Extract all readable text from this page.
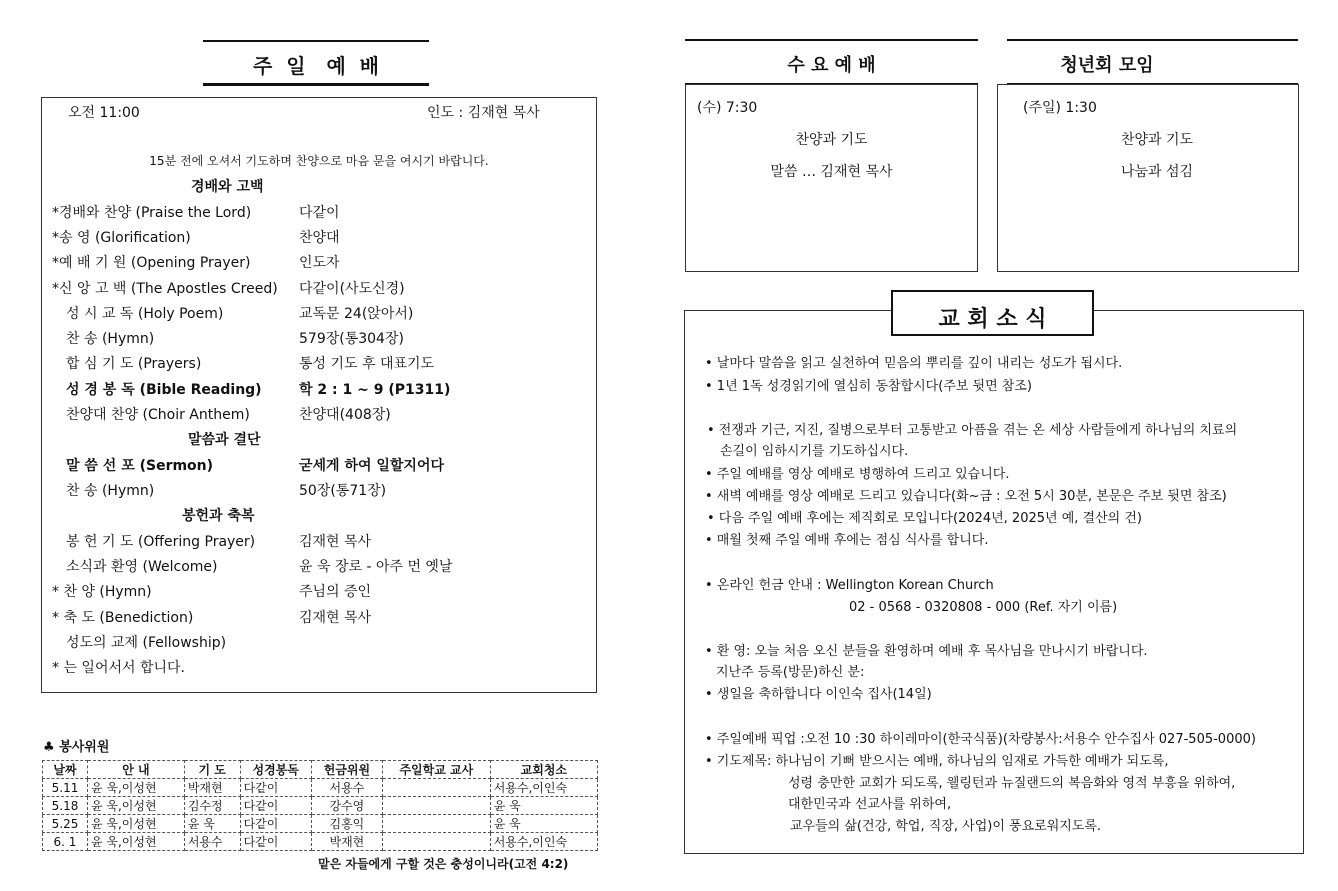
주  일   예  배
오전 11:00	인도 : 김재현 목사
15분 전에 오셔서 기도하며 찬양으로 마음 문을 여시기 바랍니다.
경배와 고백
*경배와 찬양 (Praise the Lord)	다같이
*송 영 (Glorification)	찬양대
*예 배 기 원 (Opening Prayer)	인도자
*신 앙 고 백 (The Apostles Creed) 다같이(사도신경)
성 시 교 독 (Holy Poem)	교독문 24(앉아서)
찬 송 (Hymn)	579장(통304장)
합 심 기 도 (Prayers)	통성 기도 후 대표기도
성 경 봉 독 (Bible Reading)	학 2 : 1 ~ 9 (P1311)
찬양대 찬양 (Choir Anthem)	찬양대(408장)
말 씀 선 포 (Sermon)	굳세게 하여 일할지어다
찬 송 (Hymn)	50장(통71장)
봉 헌 기 도 (Offering Prayer)	김재현 목사
소식과 환영 (Welcome)	윤 욱 장로 - 아주 먼 옛날
* 찬 양 (Hymn)	주님의 증인
* 축 도 (Benediction)	김재현 목사
성도의 교제 (Fellowship)
말씀과 결단
봉헌과 축복
* 는 일어서서 합니다.
♣ 봉사위원
날짜	안 내	기 도	성경봉독	헌금위원	주일학교 교사	교회청소
5.11	윤 욱,이성현	박재현	다같이	서용수		서용수,이인숙
5.18	윤 욱,이성현	김수정	다같이	강수영		윤 욱
5.25	윤 욱,이성현	윤 욱	다같이	김홍익		윤 욱
6. 1	윤 욱,이성현	서용수	다같이	박재현		서용수,이인숙
맡은 자들에게 구할 것은 충성이니라(고전 4:2)
수 요 예 배
(수) 7:30
찬양과 기도
말씀 … 김재현 목사
청년회 모임
(주일) 1:30
찬양과 기도
나눔과 섬김
교 회 소 식
• 날마다 말씀을 읽고 실천하여 믿음의 뿌리를 깊이 내리는 성도가 됩시다.
• 1년 1독 성경읽기에 열심히 동참합시다(주보 뒷면 참조)
• 전쟁과 기근, 지진, 질병으로부터 고통받고 아픔을 겪는 온 세상 사람들에게 하나님의 치료의
손길이 임하시기를 기도하십시다.
• 주일 예배를 영상 예배로 병행하여 드리고 있습니다.
• 새벽 예배를 영상 예배로 드리고 있습니다(화~금 : 오전 5시 30분, 본문은 주보 뒷면 참조)
• 다음 주일 예배 후에는 제직회로 모입니다(2024년, 2025년 예, 결산의 건)
• 매월 첫째 주일 예배 후에는 점심 식사를 합니다.
• 온라인 헌금 안내 : Wellington Korean Church
02 - 0568 - 0320808 - 000 (Ref. 자기 이름)
• 환 영: 오늘 처음 오신 분들을 환영하며 예배 후 목사님을 만나시기 바랍니다.
지난주 등록(방문)하신 분:
• 생일을 축하합니다 이인숙 집사(14일)
• 주일예배 픽업 :오전 10 :30 하이레마이(한국식품)(차량봉사:서용수 안수집사 027-505-0000)
• 기도제목: 하나님이 기뻐 받으시는 예배, 하나님의 임재로 가득한 예배가 되도록,
성령 충만한 교회가 되도록, 웰링턴과 뉴질랜드의 복음화와 영적 부흥을 위하여,
대한민국과 선교사를 위하여,
교우들의 삶(건강, 학업, 직장, 사업)이 풍요로워지도록.
